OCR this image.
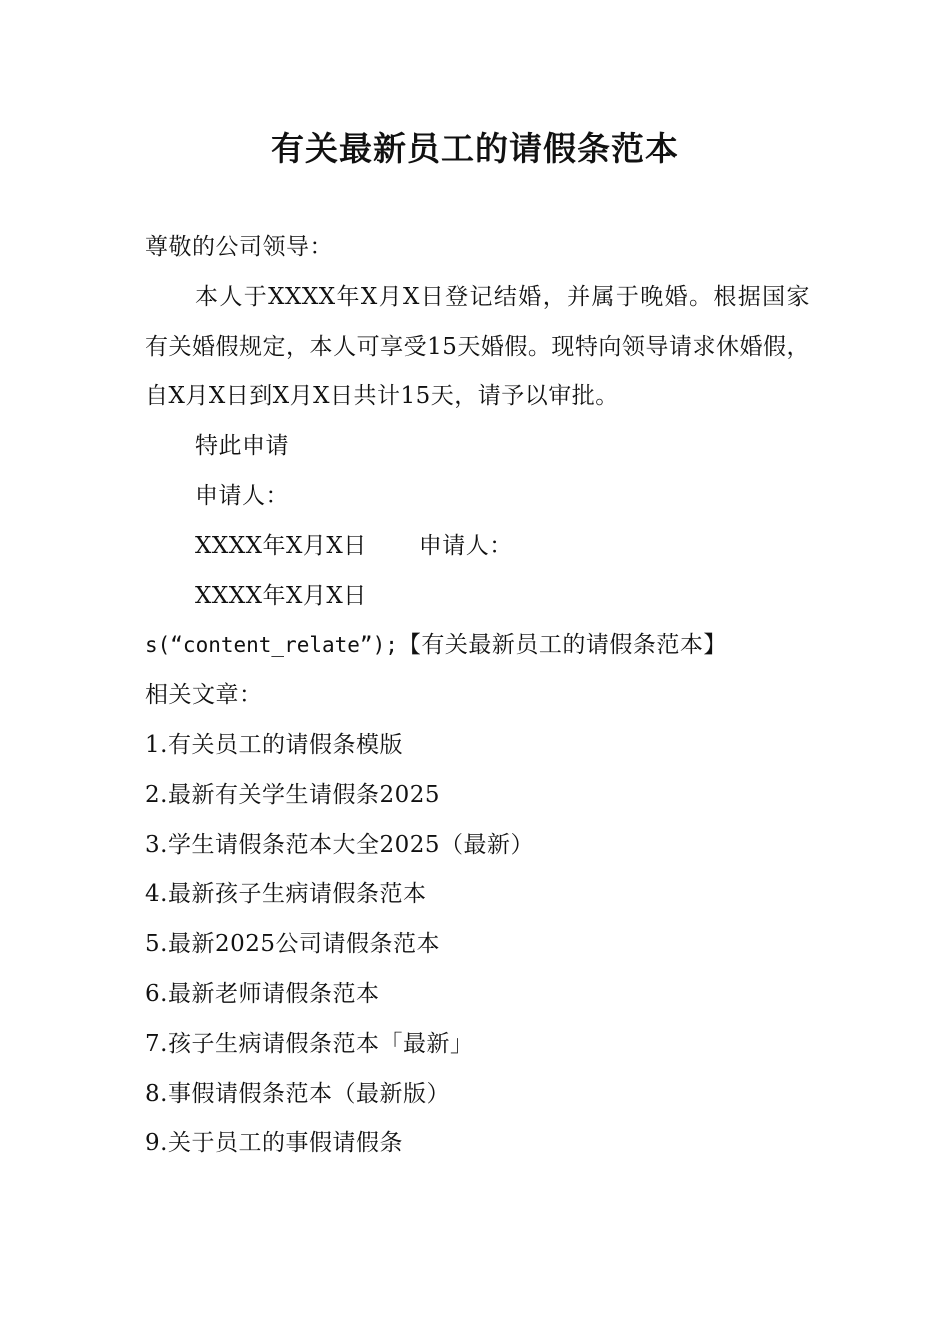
有关最新员工的请假条范本

尊敬的公司领导：

本人于XXXX年X月X日登记结婚，并属于晚婚。根据国家有关婚假规定，本人可享受15天婚假。现特向领导请求休婚假，自X月X日到X月X日共计15天，请予以审批。

特此申请

申请人：

XXXX年X月X日 申请人：

XXXX年X月X日

s(“content_relate”);【有关最新员工的请假条范本】

相关文章：

1.有关员工的请假条模版
2.最新有关学生请假条2025
3.学生请假条范本大全2025（最新）
4.最新孩子生病请假条范本
5.最新2025公司请假条范本
6.最新老师请假条范本
7.孩子生病请假条范本「最新」
8.事假请假条范本（最新版）
9.关于员工的事假请假条
